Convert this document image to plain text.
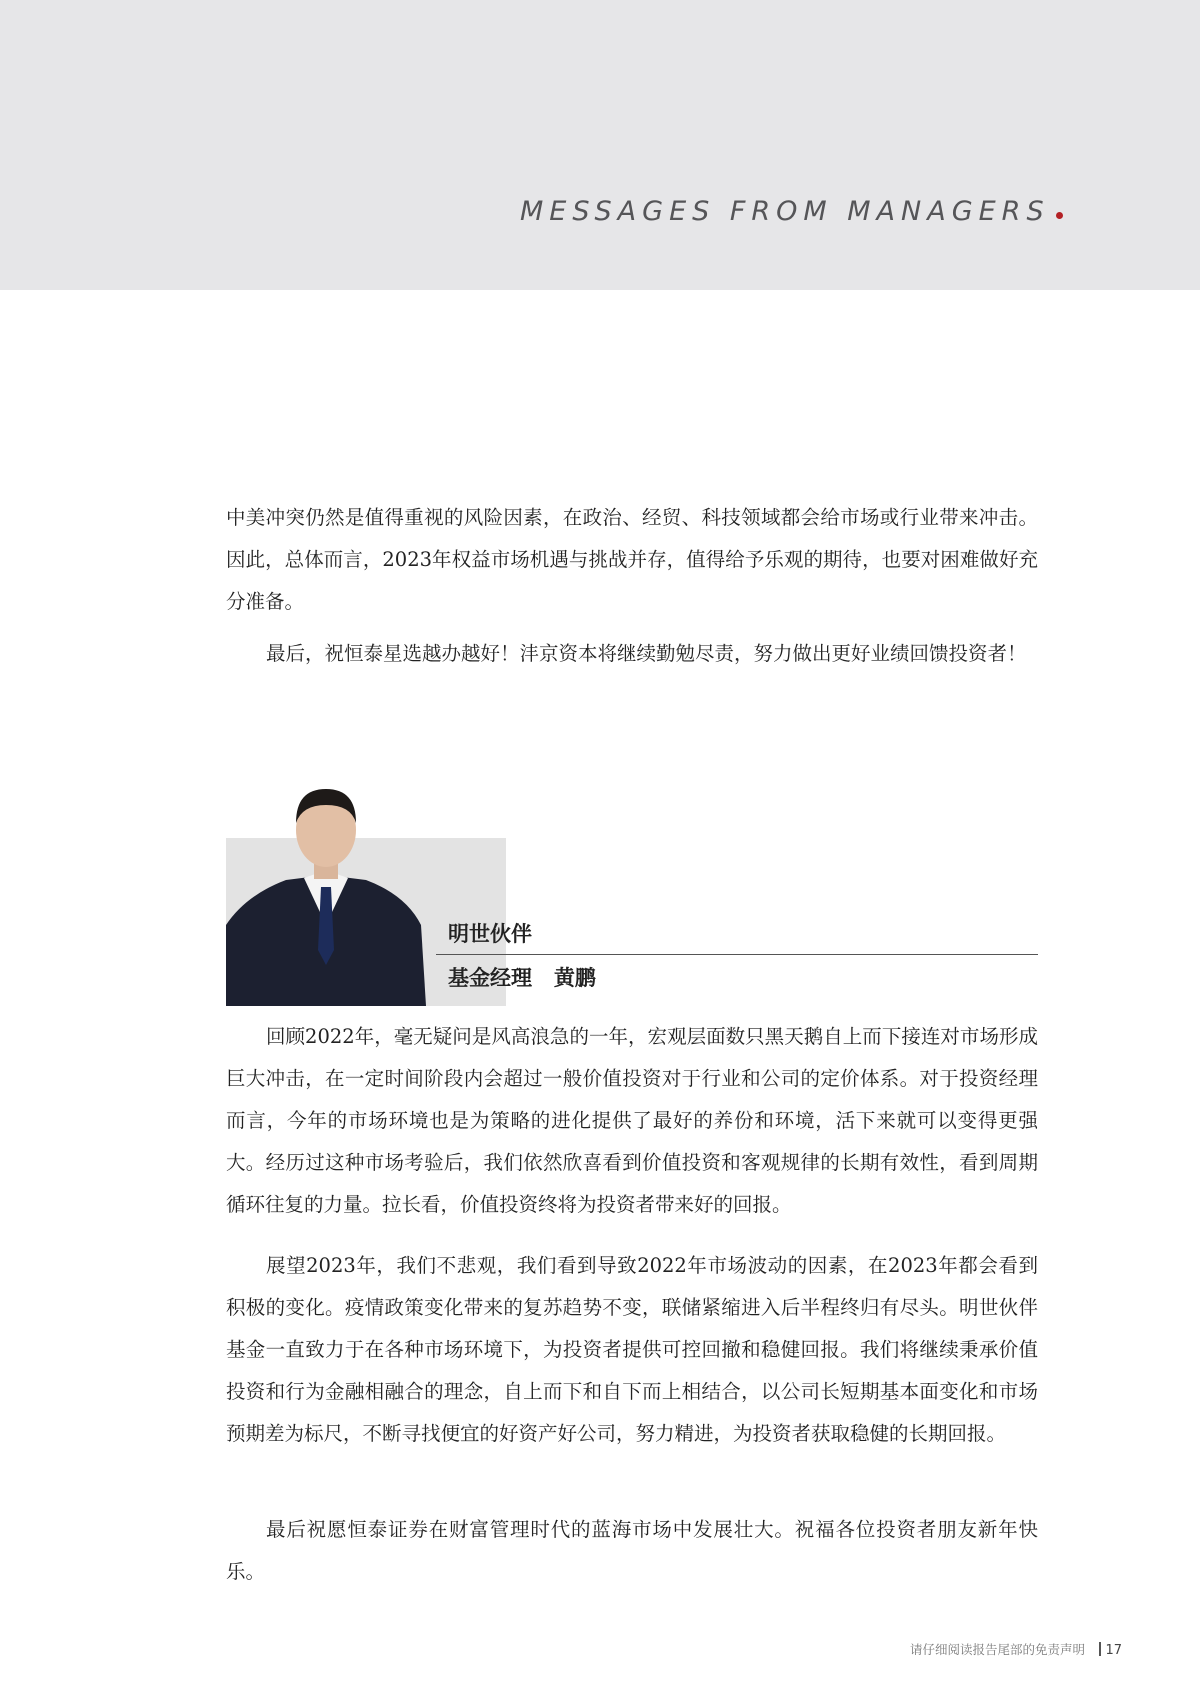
MESSAGES FROM MANAGERS

中美冲突仍然是值得重视的风险因素，在政治、经贸、科技领域都会给市场或行业带来冲击。因此，总体而言，2023年权益市场机遇与挑战并存，值得给予乐观的期待，也要对困难做好充分准备。

最后，祝恒泰星选越办越好！沣京资本将继续勤勉尽责，努力做出更好业绩回馈投资者！

明世伙伴
基金经理   黄鹏

回顾2022年，毫无疑问是风高浪急的一年，宏观层面数只黑天鹅自上而下接连对市场形成巨大冲击，在一定时间阶段内会超过一般价值投资对于行业和公司的定价体系。对于投资经理而言，今年的市场环境也是为策略的进化提供了最好的养份和环境，活下来就可以变得更强大。经历过这种市场考验后，我们依然欣喜看到价值投资和客观规律的长期有效性，看到周期循环往复的力量。拉长看，价值投资终将为投资者带来好的回报。

展望2023年，我们不悲观，我们看到导致2022年市场波动的因素，在2023年都会看到积极的变化。疫情政策变化带来的复苏趋势不变，联储紧缩进入后半程终归有尽头。明世伙伴基金一直致力于在各种市场环境下，为投资者提供可控回撤和稳健回报。我们将继续秉承价值投资和行为金融相融合的理念，自上而下和自下而上相结合，以公司长短期基本面变化和市场预期差为标尺，不断寻找便宜的好资产好公司，努力精进，为投资者获取稳健的长期回报。

最后祝愿恒泰证券在财富管理时代的蓝海市场中发展壮大。祝福各位投资者朋友新年快乐。

请仔细阅读报告尾部的免责声明 17
